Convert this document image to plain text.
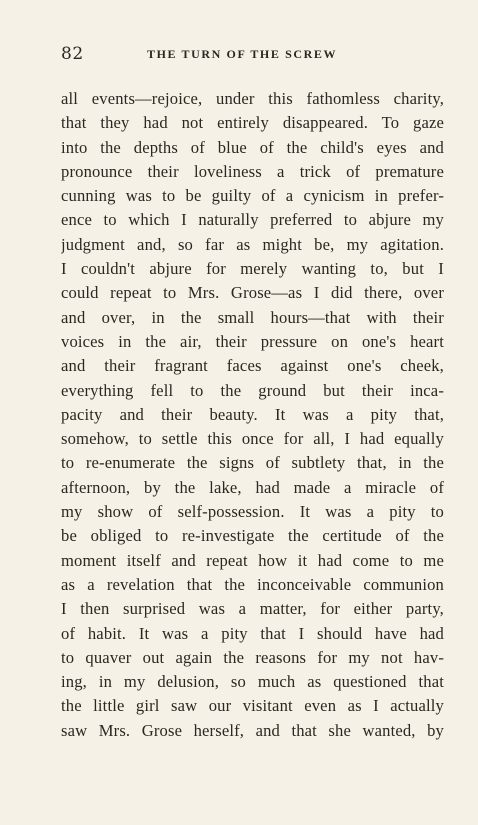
82	THE TURN OF THE SCREW
all events—rejoice, under this fathomless charity,
that they had not entirely disappeared. To gaze
into the depths of blue of the child's eyes and
pronounce their loveliness a trick of premature
cunning was to be guilty of a cynicism in prefer-
ence to which I naturally preferred to abjure my
judgment and, so far as might be, my agitation.
I couldn't abjure for merely wanting to, but I
could repeat to Mrs. Grose—as I did there, over
and over, in the small hours—that with their
voices in the air, their pressure on one's heart
and their fragrant faces against one's cheek,
everything fell to the ground but their inca-
pacity and their beauty. It was a pity that,
somehow, to settle this once for all, I had equally
to re-enumerate the signs of subtlety that, in the
afternoon, by the lake, had made a miracle of
my show of self-possession. It was a pity to
be obliged to re-investigate the certitude of the
moment itself and repeat how it had come to me
as a revelation that the inconceivable communion
I then surprised was a matter, for either party,
of habit. It was a pity that I should have had
to quaver out again the reasons for my not hav-
ing, in my delusion, so much as questioned that
the little girl saw our visitant even as I actually
saw Mrs. Grose herself, and that she wanted, by
